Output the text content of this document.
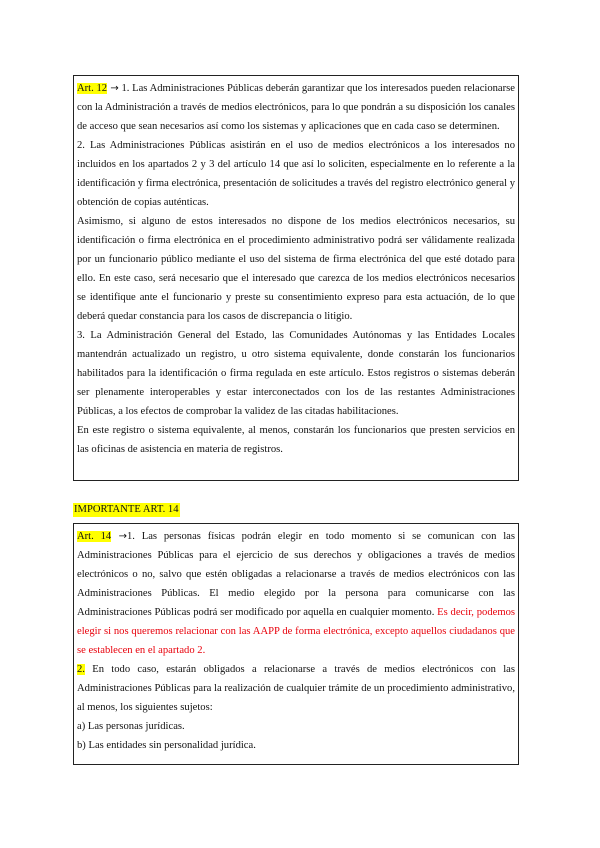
Art. 12 → 1. Las Administraciones Públicas deberán garantizar que los interesados pueden relacionarse con la Administración a través de medios electrónicos, para lo que pondrán a su disposición los canales de acceso que sean necesarios así como los sistemas y aplicaciones que en cada caso se determinen.

2. Las Administraciones Públicas asistirán en el uso de medios electrónicos a los interesados no incluidos en los apartados 2 y 3 del artículo 14 que así lo soliciten, especialmente en lo referente a la identificación y firma electrónica, presentación de solicitudes a través del registro electrónico general y obtención de copias auténticas.

Asimismo, si alguno de estos interesados no dispone de los medios electrónicos necesarios, su identificación o firma electrónica en el procedimiento administrativo podrá ser válidamente realizada por un funcionario público mediante el uso del sistema de firma electrónica del que esté dotado para ello. En este caso, será necesario que el interesado que carezca de los medios electrónicos necesarios se identifique ante el funcionario y preste su consentimiento expreso para esta actuación, de lo que deberá quedar constancia para los casos de discrepancia o litigio.

3. La Administración General del Estado, las Comunidades Autónomas y las Entidades Locales mantendrán actualizado un registro, u otro sistema equivalente, donde constarán los funcionarios habilitados para la identificación o firma regulada en este artículo. Estos registros o sistemas deberán ser plenamente interoperables y estar interconectados con los de las restantes Administraciones Públicas, a los efectos de comprobar la validez de las citadas habilitaciones.

En este registro o sistema equivalente, al menos, constarán los funcionarios que presten servicios en las oficinas de asistencia en materia de registros.

IMPORTANTE ART. 14

Art. 14 →1. Las personas físicas podrán elegir en todo momento si se comunican con las Administraciones Públicas para el ejercicio de sus derechos y obligaciones a través de medios electrónicos o no, salvo que estén obligadas a relacionarse a través de medios electrónicos con las Administraciones Públicas. El medio elegido por la persona para comunicarse con las Administraciones Públicas podrá ser modificado por aquella en cualquier momento. Es decir, podemos elegir si nos queremos relacionar con las AAPP de forma electrónica, excepto aquellos ciudadanos que se establecen en el apartado 2.

2. En todo caso, estarán obligados a relacionarse a través de medios electrónicos con las Administraciones Públicas para la realización de cualquier trámite de un procedimiento administrativo, al menos, los siguientes sujetos:

a) Las personas jurídicas.

b) Las entidades sin personalidad jurídica.
